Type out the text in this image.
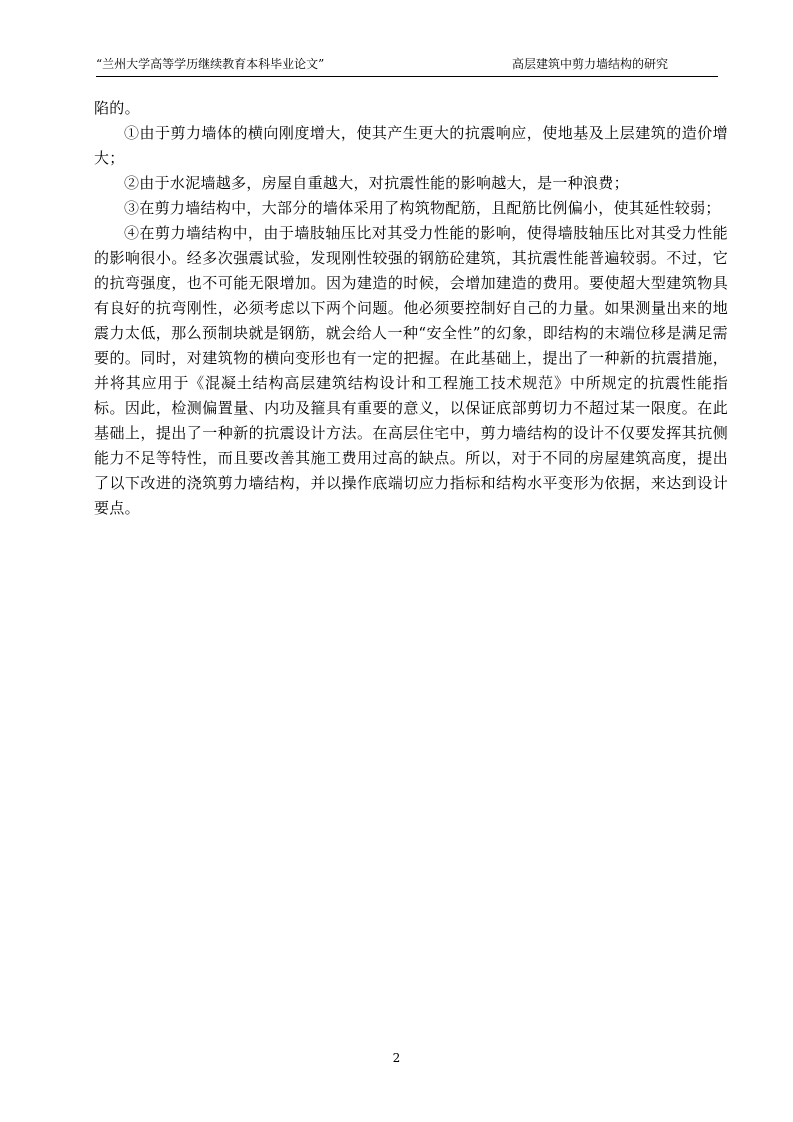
“兰州大学高等学历继续教育本科毕业论文”	高层建筑中剪力墙结构的研究

陷的。

①由于剪力墙体的横向刚度增大，使其产生更大的抗震响应，使地基及上层建筑的造价增大；

②由于水泥墙越多，房屋自重越大，对抗震性能的影响越大，是一种浪费；

③在剪力墙结构中，大部分的墙体采用了构筑物配筋，且配筋比例偏小，使其延性较弱；

④在剪力墙结构中，由于墙肢轴压比对其受力性能的影响，使得墙肢轴压比对其受力性能的影响很小。经多次强震试验，发现刚性较强的钢筋砼建筑，其抗震性能普遍较弱。不过，它的抗弯强度，也不可能无限增加。因为建造的时候，会增加建造的费用。要使超大型建筑物具有良好的抗弯刚性，必须考虑以下两个问题。他必须要控制好自己的力量。如果测量出来的地震力太低，那么预制块就是钢筋，就会给人一种“安全性”的幻象，即结构的末端位移是满足需要的。同时，对建筑物的横向变形也有一定的把握。在此基础上，提出了一种新的抗震措施，并将其应用于《混凝土结构高层建筑结构设计和工程施工技术规范》中所规定的抗震性能指标。因此，检测偏置量、内功及箍具有重要的意义，以保证底部剪切力不超过某一限度。在此基础上，提出了一种新的抗震设计方法。在高层住宅中，剪力墙结构的设计不仅要发挥其抗侧能力不足等特性，而且要改善其施工费用过高的缺点。所以，对于不同的房屋建筑高度，提出了以下改进的浇筑剪力墙结构，并以操作底端切应力指标和结构水平变形为依据，来达到设计要点。

2
